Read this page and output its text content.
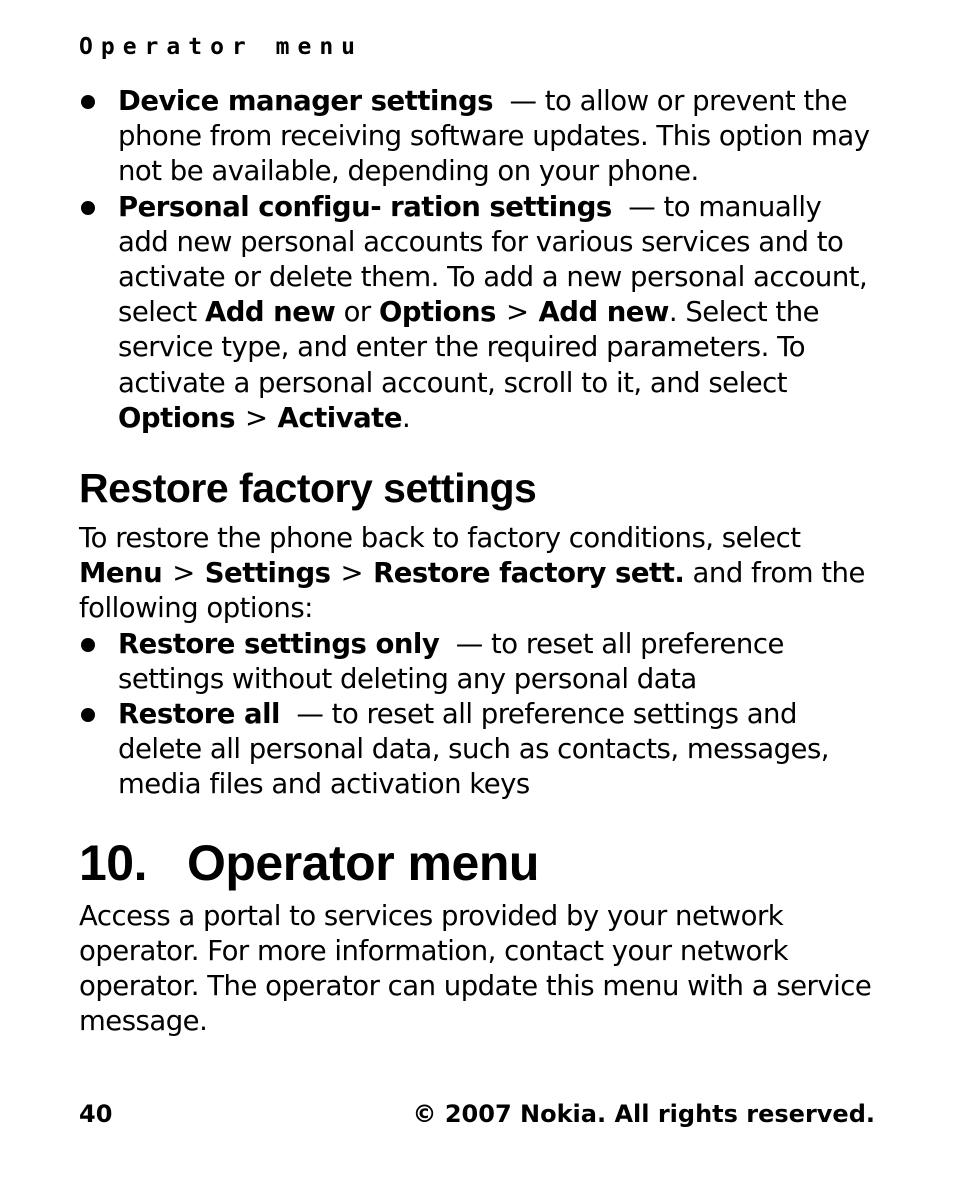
Operator menu
Device manager settings — to allow or prevent the phone from receiving software updates. This option may not be available, depending on your phone.
Personal configu- ration settings — to manually add new personal accounts for various services and to activate or delete them. To add a new personal account, select Add new or Options > Add new. Select the service type, and enter the required parameters. To activate a personal account, scroll to it, and select Options > Activate.
Restore factory settings

To restore the phone back to factory conditions, select Menu > Settings > Restore factory sett. and from the following options:

Restore settings only — to reset all preference settings without deleting any personal data
Restore all — to reset all preference settings and delete all personal data, such as contacts, messages, media files and activation keys
10. Operator menu

Access a portal to services provided by your network operator. For more information, contact your network operator. The operator can update this menu with a service message.

40	© 2007 Nokia. All rights reserved.
